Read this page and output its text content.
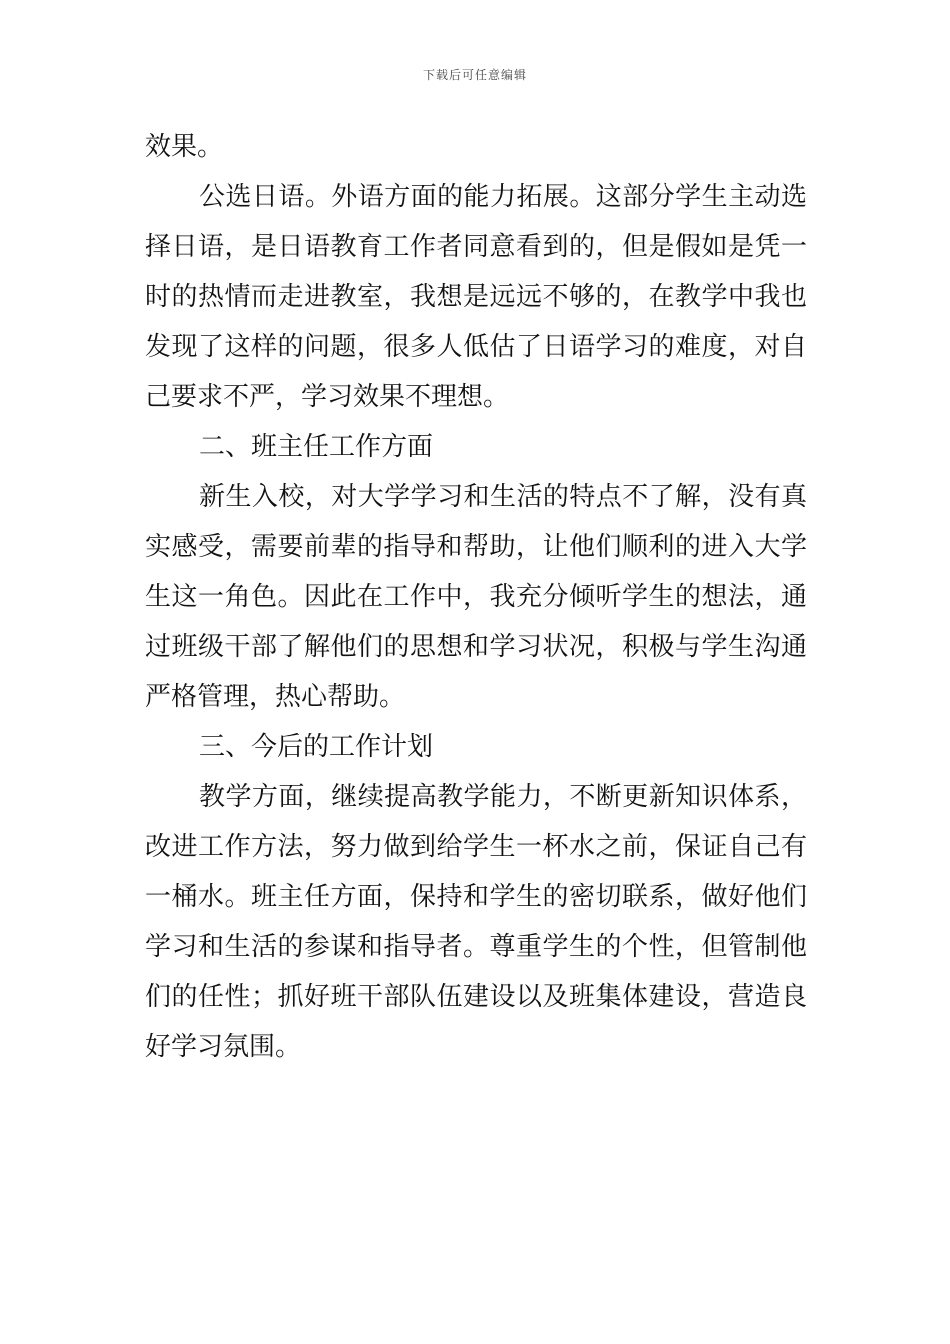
下载后可任意编辑

效果。

公选日语。外语方面的能力拓展。这部分学生主动选择日语，是日语教育工作者同意看到的，但是假如是凭一时的热情而走进教室，我想是远远不够的，在教学中我也发现了这样的问题，很多人低估了日语学习的难度，对自己要求不严，学习效果不理想。

二、班主任工作方面

新生入校，对大学学习和生活的特点不了解，没有真实感受，需要前辈的指导和帮助，让他们顺利的进入大学生这一角色。因此在工作中，我充分倾听学生的想法，通过班级干部了解他们的思想和学习状况，积极与学生沟通严格管理，热心帮助。

三、今后的工作计划

教学方面，继续提高教学能力，不断更新知识体系，改进工作方法，努力做到给学生一杯水之前，保证自己有一桶水。班主任方面，保持和学生的密切联系，做好他们学习和生活的参谋和指导者。尊重学生的个性，但管制他们的任性；抓好班干部队伍建设以及班集体建设，营造良好学习氛围。
